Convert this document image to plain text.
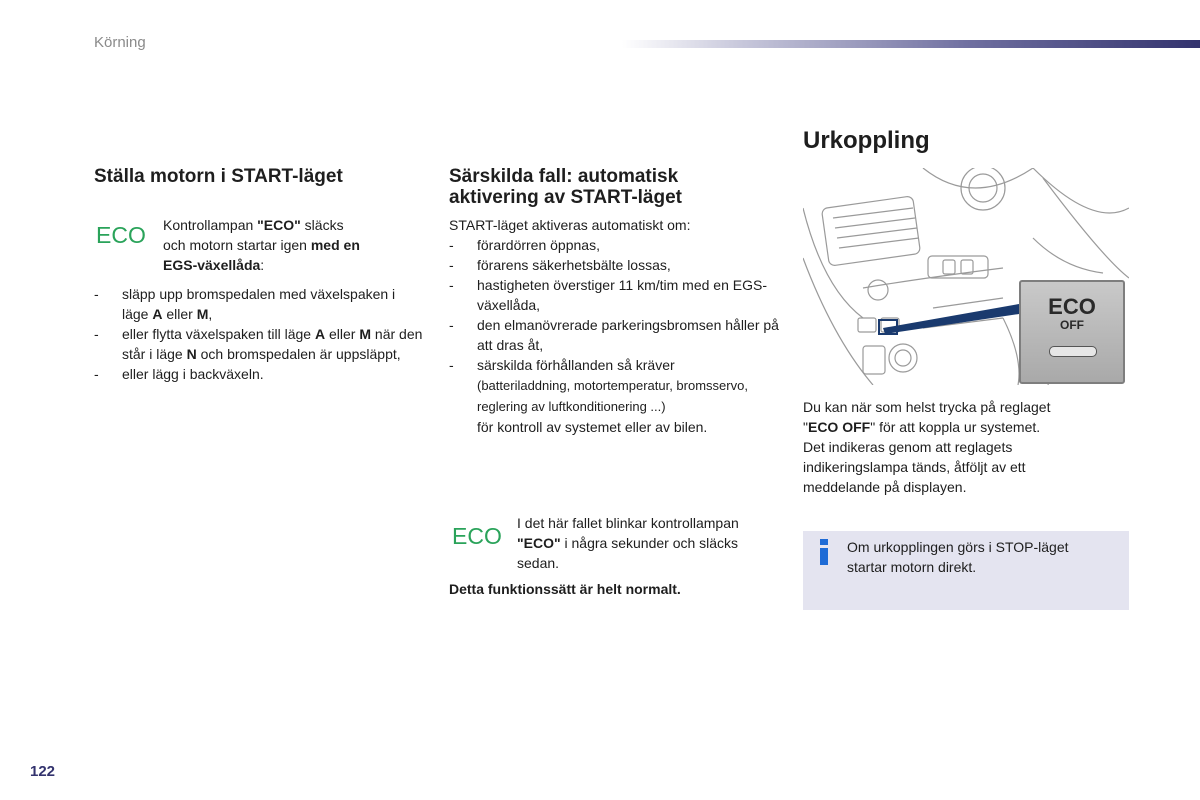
Körning
Ställa motorn i START-läget
ECO Kontrollampan "ECO" släcks
och motorn startar igen med en
EGS-växellåda:
- släpp upp bromspedalen med växelspaken i läge A eller M,
- eller flytta växelspaken till läge A eller M när den står i läge N och bromspedalen är uppsläppt,
- eller lägg i backväxeln.
Särskilda fall: automatisk
aktivering av START-läget
START-läget aktiveras automatiskt om:
- förardörren öppnas,
- förarens säkerhetsbälte lossas,
- hastigheten överstiger 11 km/tim med en EGS-växellåda,
- den elmanövrerade parkeringsbromsen håller på att dras åt,
- särskilda förhållanden så kräver
(batteriladdning, motortemperatur, bromsservo, reglering av luftkonditionering ...)
för kontroll av systemet eller av bilen.
ECO I det här fallet blinkar kontrollampan
"ECO" i några sekunder och släcks
sedan.
Detta funktionssätt är helt normalt.
Urkoppling
ECO
OFF
Du kan när som helst trycka på reglaget
"ECO OFF" för att koppla ur systemet.
Det indikeras genom att reglagets
indikeringslampa tänds, åtföljt av ett
meddelande på displayen.
Om urkopplingen görs i STOP-läget
startar motorn direkt.
122
